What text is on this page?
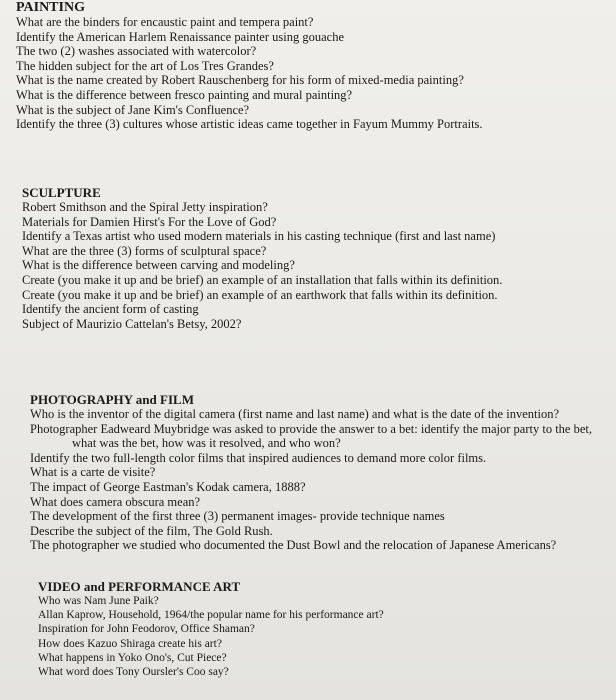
PAINTING

What are the binders for encaustic paint and tempera paint?

Identify the American Harlem Renaissance painter using gouache

The two (2) washes associated with watercolor?

The hidden subject for the art of Los Tres Grandes?

What is the name created by Robert Rauschenberg for his form of mixed-media painting?

What is the difference between fresco painting and mural painting?

What is the subject of Jane Kim's Confluence?

Identify the three (3) cultures whose artistic ideas came together in Fayum Mummy Portraits.

SCULPTURE

Robert Smithson and the Spiral Jetty inspiration?

Materials for Damien Hirst's For the Love of God?

Identify a Texas artist who used modern materials in his casting technique (first and last name)

What are the three (3) forms of sculptural space?

What is the difference between carving and modeling?

Create (you make it up and be brief) an example of an installation that falls within its definition.

Create (you make it up and be brief) an example of an earthwork that falls within its definition.

Identify the ancient form of casting

Subject of Maurizio Cattelan's Betsy, 2002?

PHOTOGRAPHY and FILM

Who is the inventor of the digital camera (first name and last name) and what is the date of the invention?

Photographer Eadweard Muybridge was asked to provide the answer to a bet: identify the major party to the bet,

what was the bet, how was it resolved, and who won?

Identify the two full-length color films that inspired audiences to demand more color films.

What is a carte de visite?

The impact of George Eastman's Kodak camera, 1888?

What does camera obscura mean?

The development of the first three (3) permanent images- provide technique names

Describe the subject of the film, The Gold Rush.

The photographer we studied who documented the Dust Bowl and the relocation of Japanese Americans?

VIDEO and PERFORMANCE ART

Who was Nam June Paik?

Allan Kaprow, Household, 1964/the popular name for his performance art?

Inspiration for John Feodorov, Office Shaman?

How does Kazuo Shiraga create his art?

What happens in Yoko Ono's, Cut Piece?

What word does Tony Oursler's Coo say?
